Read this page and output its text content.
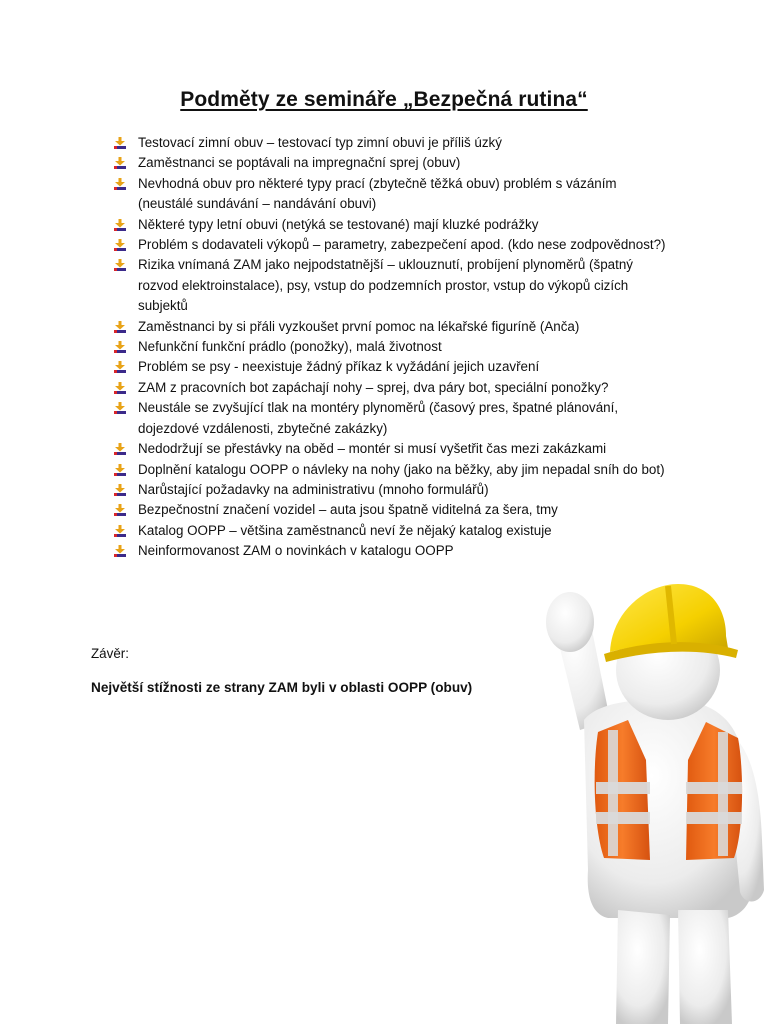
Podměty ze semináře „Bezpečná rutina“
Testovací zimní obuv – testovací typ zimní obuvi je příliš úzký
Zaměstnanci se poptávali na impregnační sprej (obuv)
Nevhodná obuv pro některé typy prací (zbytečně těžká obuv) problém s vázáním (neustálé sundávání – nandávání obuvi)
Některé typy letní obuvi (netýká se testované) mají kluzké podrážky
Problém s dodavateli výkopů – parametry, zabezpečení apod. (kdo nese zodpovědnost?)
Rizika vnímaná ZAM jako nejpodstatnější – uklouznutí, probíjení plynoměrů (špatný rozvod elektroinstalace), psy, vstup do podzemních prostor, vstup do výkopů cizích subjektů
Zaměstnanci by si přáli vyzkoušet první pomoc na lékařské figuríně (Anča)
Nefunkční funkční prádlo (ponožky), malá životnost
Problém se psy - neexistuje žádný příkaz k vyžádání jejich uzavření
ZAM z pracovních bot zapáchají nohy – sprej, dva páry bot, speciální ponožky?
Neustále se zvyšující tlak na montéry plynoměrů (časový pres, špatné plánování, dojezdové vzdálenosti, zbytečné zakázky)
Nedodržují se přestávky na oběd – montér si musí vyšetřit čas mezi zakázkami
Doplnění katalogu OOPP o návleky na nohy (jako na běžky, aby jim nepadal sníh do bot)
Narůstající požadavky na administrativu (mnoho formulářů)
Bezpečnostní značení vozidel – auta jsou špatně viditelná za šera, tmy
Katalog OOPP – většina zaměstnanců neví že nějaký katalog existuje
Neinformovanost ZAM o novinkách v katalogu OOPP
Závěr:
Největší stížnosti ze strany ZAM byli v oblasti OOPP (obuv)
